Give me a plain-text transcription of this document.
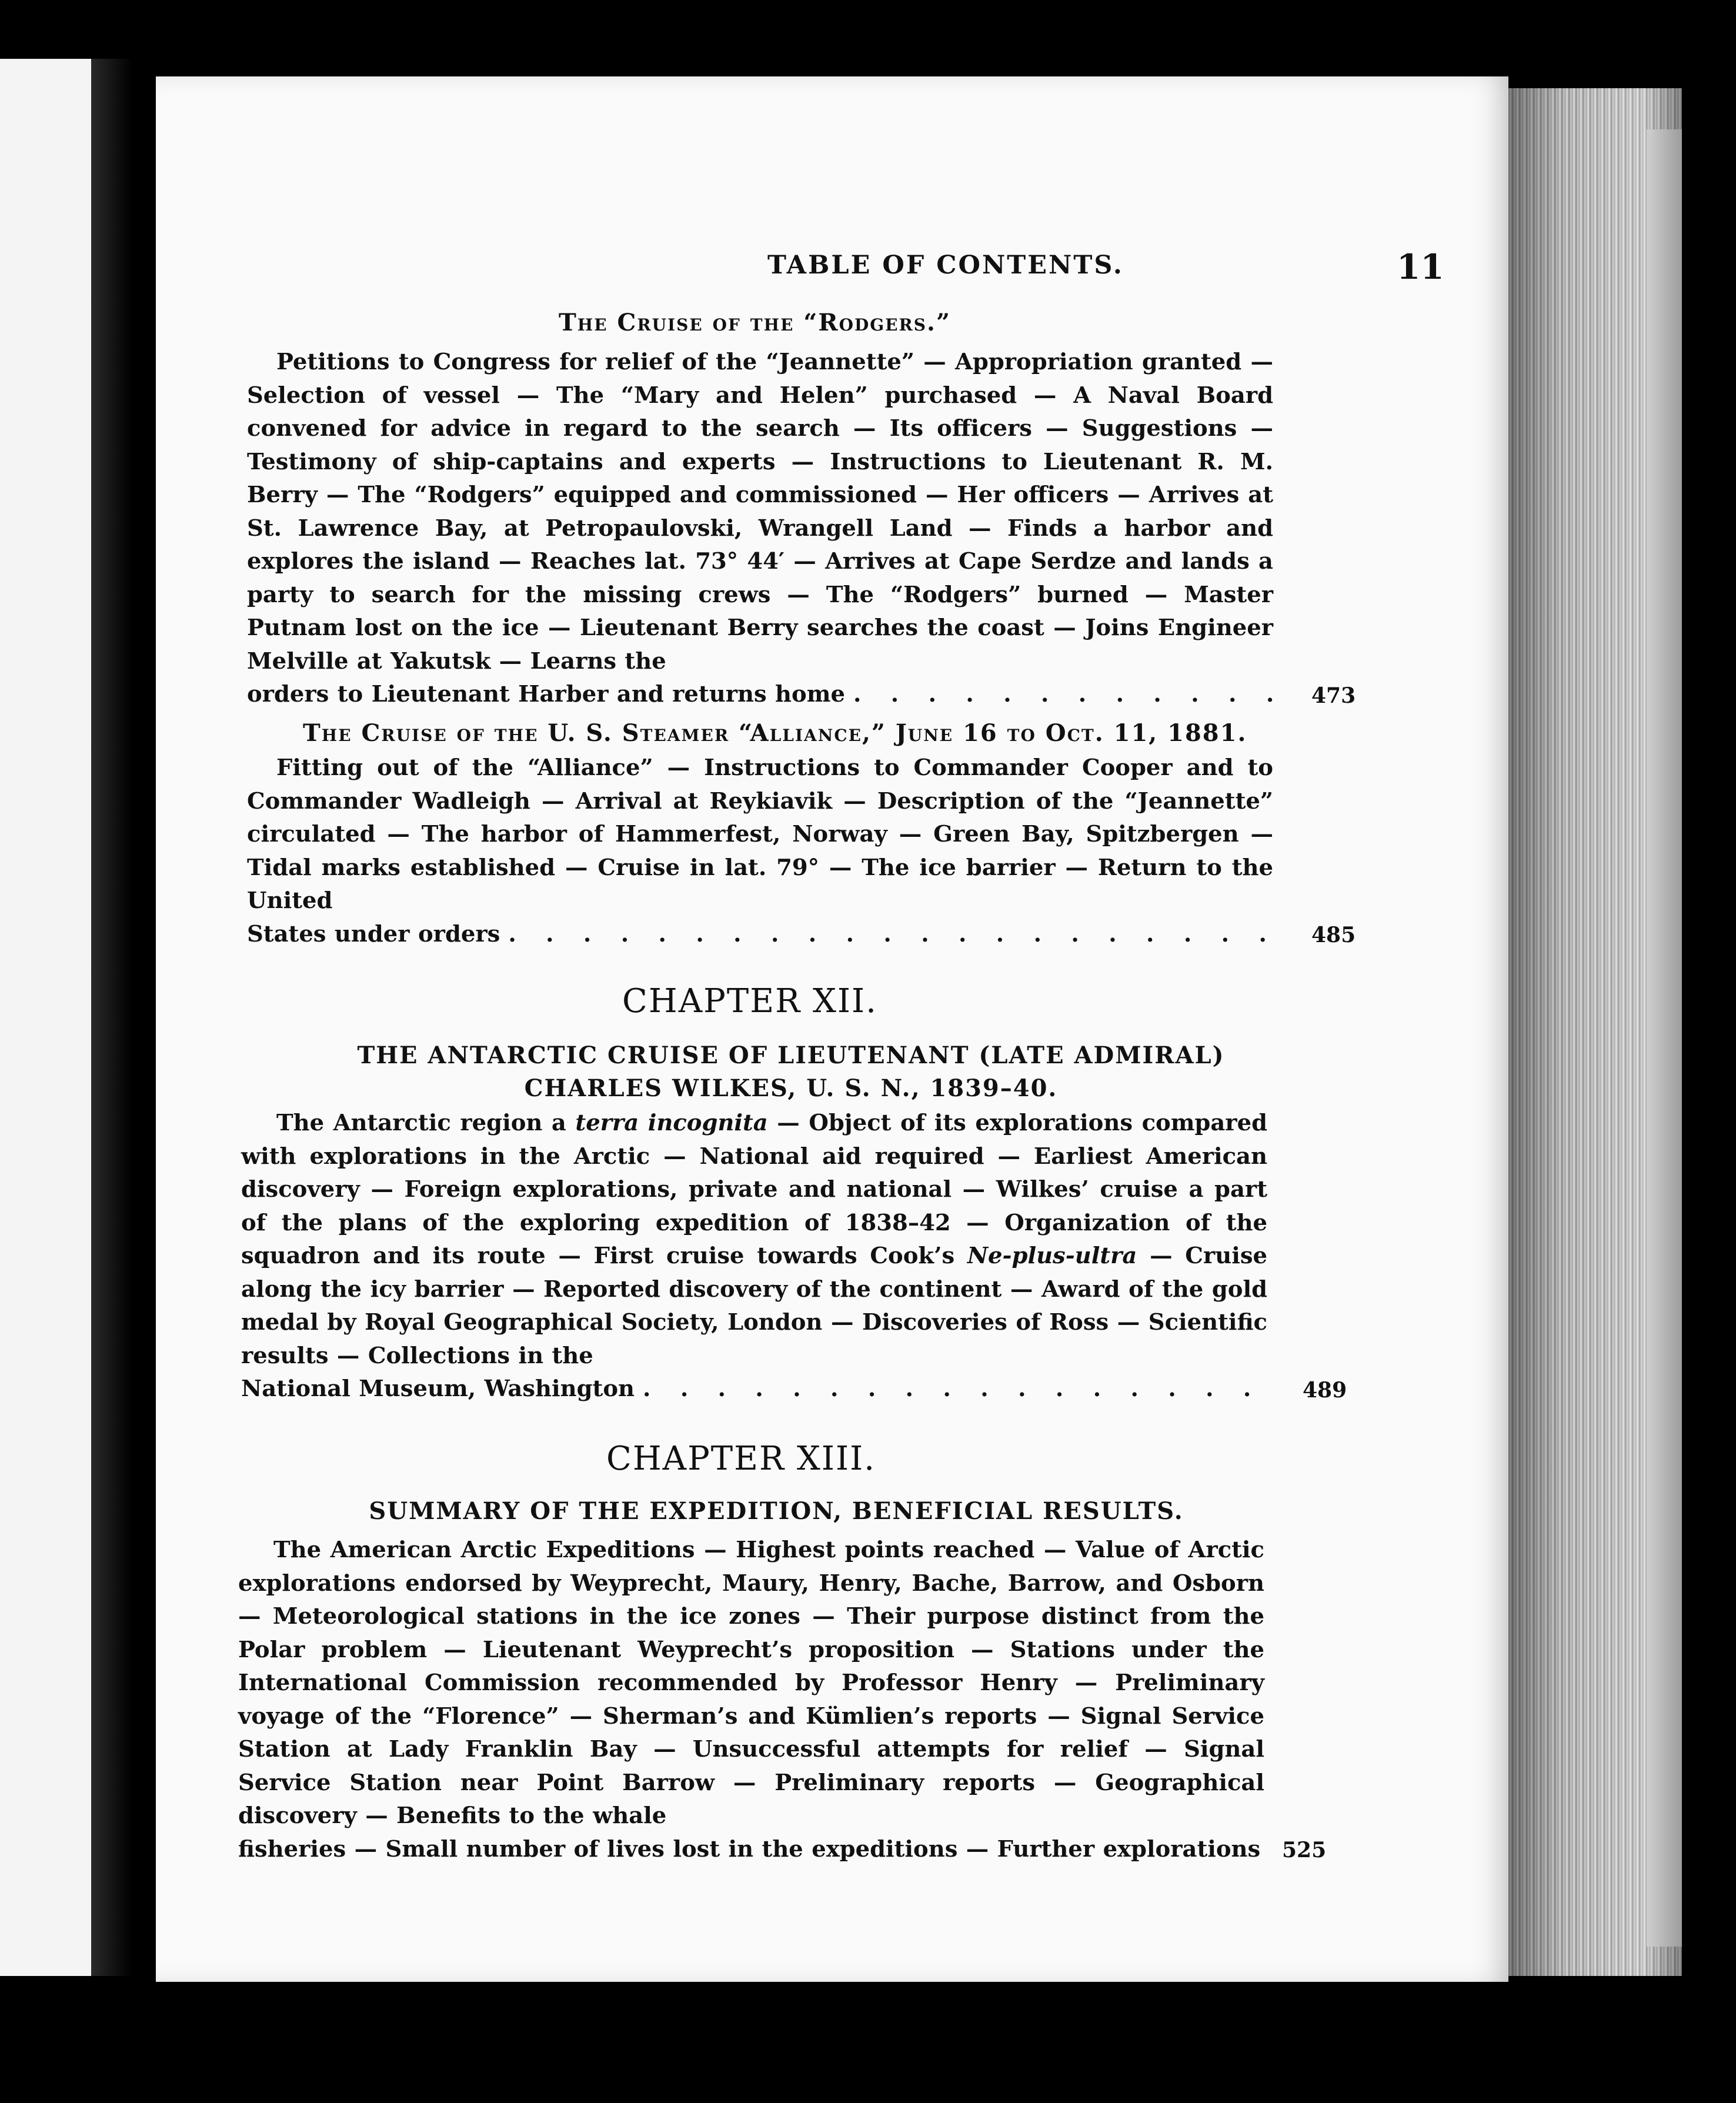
TABLE OF CONTENTS.	11
The Cruise of the “Rodgers.”
Petitions to Congress for relief of the “Jeannette” — Appropriation granted — Selection of vessel — The “Mary and Helen” purchased — A Naval Board convened for advice in regard to the search — Its officers — Suggestions — Testimony of ship-captains and experts — Instructions to Lieutenant R. M. Berry — The “Rodgers” equipped and commissioned — Her officers — Arrives at St. Lawrence Bay, at Petropaulovski, Wrangell Land — Finds a harbor and explores the island — Reaches lat. 73° 44′ — Arrives at Cape Serdze and lands a party to search for the missing crews — The “Rodgers” burned — Master Putnam lost on the ice — Lieutenant Berry searches the coast — Joins Engineer Melville at Yakutsk — Learns the
orders to Lieutenant Harber and returns home . . .	473
The Cruise of the U. S. Steamer “Alliance,” June 16 to Oct. 11, 1881.
Fitting out of the “Alliance” — Instructions to Commander Cooper and to Commander Wadleigh — Arrival at Reykiavik — Description of the “Jeannette” circulated — The harbor of Hammerfest, Norway — Green Bay, Spitzbergen — Tidal marks established — Cruise in lat. 79° — The ice barrier — Return to the United
States under orders . . .	485
CHAPTER XII.
THE ANTARCTIC CRUISE OF LIEUTENANT (LATE ADMIRAL)
CHARLES WILKES, U. S. N., 1839–40.
The Antarctic region a terra incognita — Object of its explorations compared with explorations in the Arctic — National aid required — Earliest American discovery — Foreign explorations, private and national — Wilkes’ cruise a part of the plans of the exploring expedition of 1838–42 — Organization of the squadron and its route — First cruise towards Cook’s Ne-plus-ultra — Cruise along the icy barrier — Reported discovery of the continent — Award of the gold medal by Royal Geographical Society, London — Discoveries of Ross — Scientific results — Collections in the
National Museum, Washington . . .	489
CHAPTER XIII.
SUMMARY OF THE EXPEDITION, BENEFICIAL RESULTS.
The American Arctic Expeditions — Highest points reached — Value of Arctic explorations endorsed by Weyprecht, Maury, Henry, Bache, Barrow, and Osborn — Meteorological stations in the ice zones — Their purpose distinct from the Polar problem — Lieutenant Weyprecht’s proposition — Stations under the International Commission recommended by Professor Henry — Preliminary voyage of the “Florence” — Sherman’s and Kümlien’s reports — Signal Service Station at Lady Franklin Bay — Unsuccessful attempts for relief — Signal Service Station near Point Barrow — Preliminary reports — Geographical discovery — Benefits to the whale
fisheries — Small number of lives lost in the expeditions — Further explorations 525
